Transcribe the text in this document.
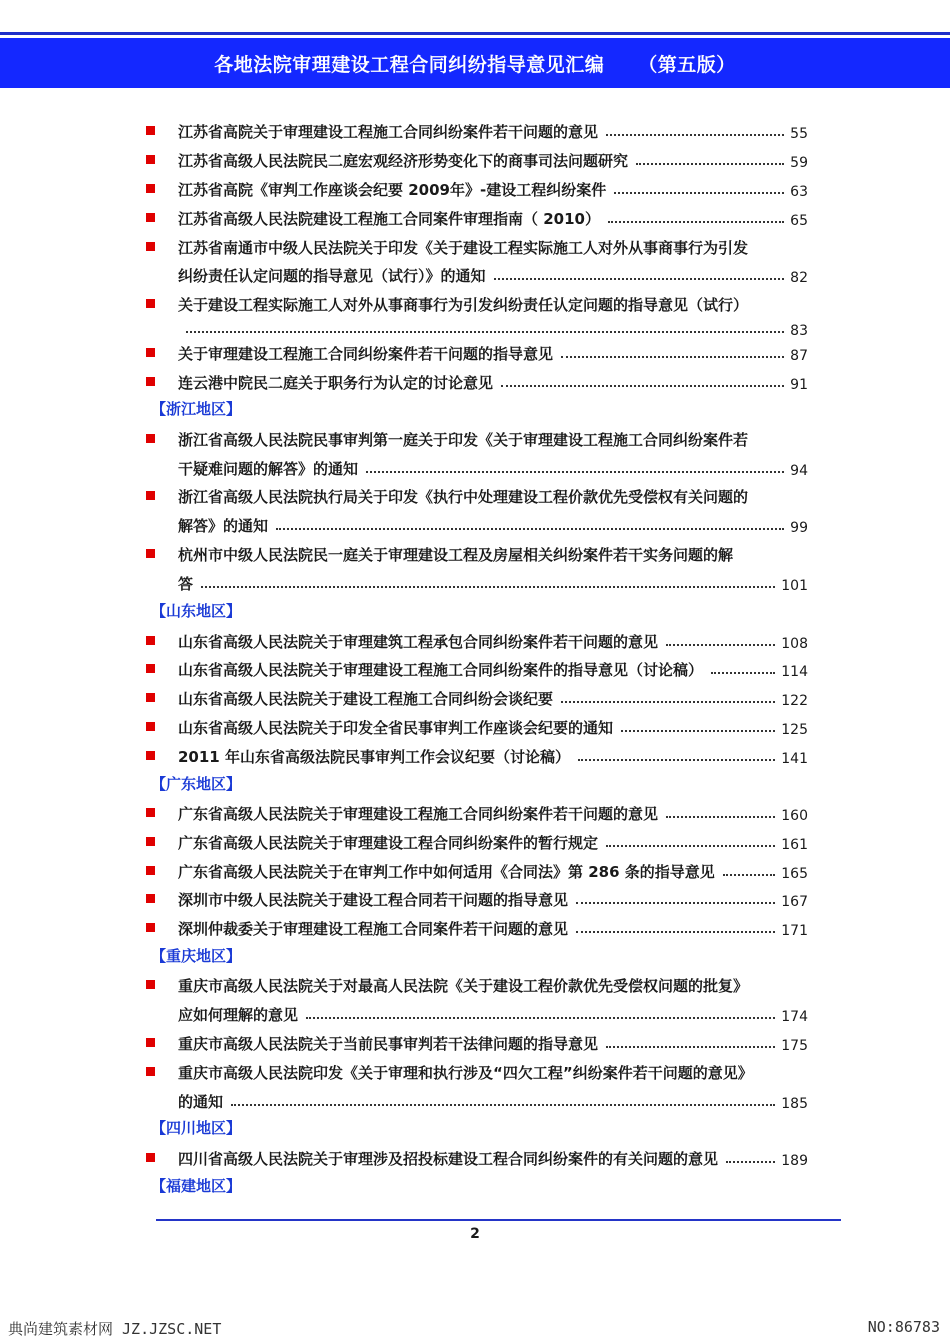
各地法院审理建设工程合同纠纷指导意见汇编 （第五版）
江苏省高院关于审理建设工程施工合同纠纷案件若干问题的意见	55
江苏省高级人民法院民二庭宏观经济形势变化下的商事司法问题研究	59
江苏省高院《审判工作座谈会纪要 2009年》-建设工程纠纷案件	63
江苏省高级人民法院建设工程施工合同案件审理指南（ 2010）	65
江苏省南通市中级人民法院关于印发《关于建设工程实际施工人对外从事商事行为引发
纠纷责任认定问题的指导意见（试行）》的通知	82
关于建设工程实际施工人对外从事商事行为引发纠纷责任认定问题的指导意见（试行）
83
关于审理建设工程施工合同纠纷案件若干问题的指导意见	87
连云港中院民二庭关于职务行为认定的讨论意见	91
【浙江地区】
浙江省高级人民法院民事审判第一庭关于印发《关于审理建设工程施工合同纠纷案件若
干疑难问题的解答》的通知	94
浙江省高级人民法院执行局关于印发《执行中处理建设工程价款优先受偿权有关问题的
解答》的通知	99
杭州市中级人民法院民一庭关于审理建设工程及房屋相关纠纷案件若干实务问题的解
答	101
【山东地区】
山东省高级人民法院关于审理建筑工程承包合同纠纷案件若干问题的意见	108
山东省高级人民法院关于审理建设工程施工合同纠纷案件的指导意见（讨论稿）	114
山东省高级人民法院关于建设工程施工合同纠纷会谈纪要	122
山东省高级人民法院关于印发全省民事审判工作座谈会纪要的通知	125
2011 年山东省高级法院民事审判工作会议纪要（讨论稿）	141
【广东地区】
广东省高级人民法院关于审理建设工程施工合同纠纷案件若干问题的意见	160
广东省高级人民法院关于审理建设工程合同纠纷案件的暂行规定	161
广东省高级人民法院关于在审判工作中如何适用《合同法》第 286 条的指导意见	165
深圳市中级人民法院关于建设工程合同若干问题的指导意见	167
深圳仲裁委关于审理建设工程施工合同案件若干问题的意见	171
【重庆地区】
重庆市高级人民法院关于对最高人民法院《关于建设工程价款优先受偿权问题的批复》
应如何理解的意见	174
重庆市高级人民法院关于当前民事审判若干法律问题的指导意见	175
重庆市高级人民法院印发《关于审理和执行涉及“四欠工程”纠纷案件若干问题的意见》
的通知	185
【四川地区】
四川省高级人民法院关于审理涉及招投标建设工程合同纠纷案件的有关问题的意见	189
【福建地区】
2
典尚建筑素材网 JZ.JZSC.NET	NO:86783
